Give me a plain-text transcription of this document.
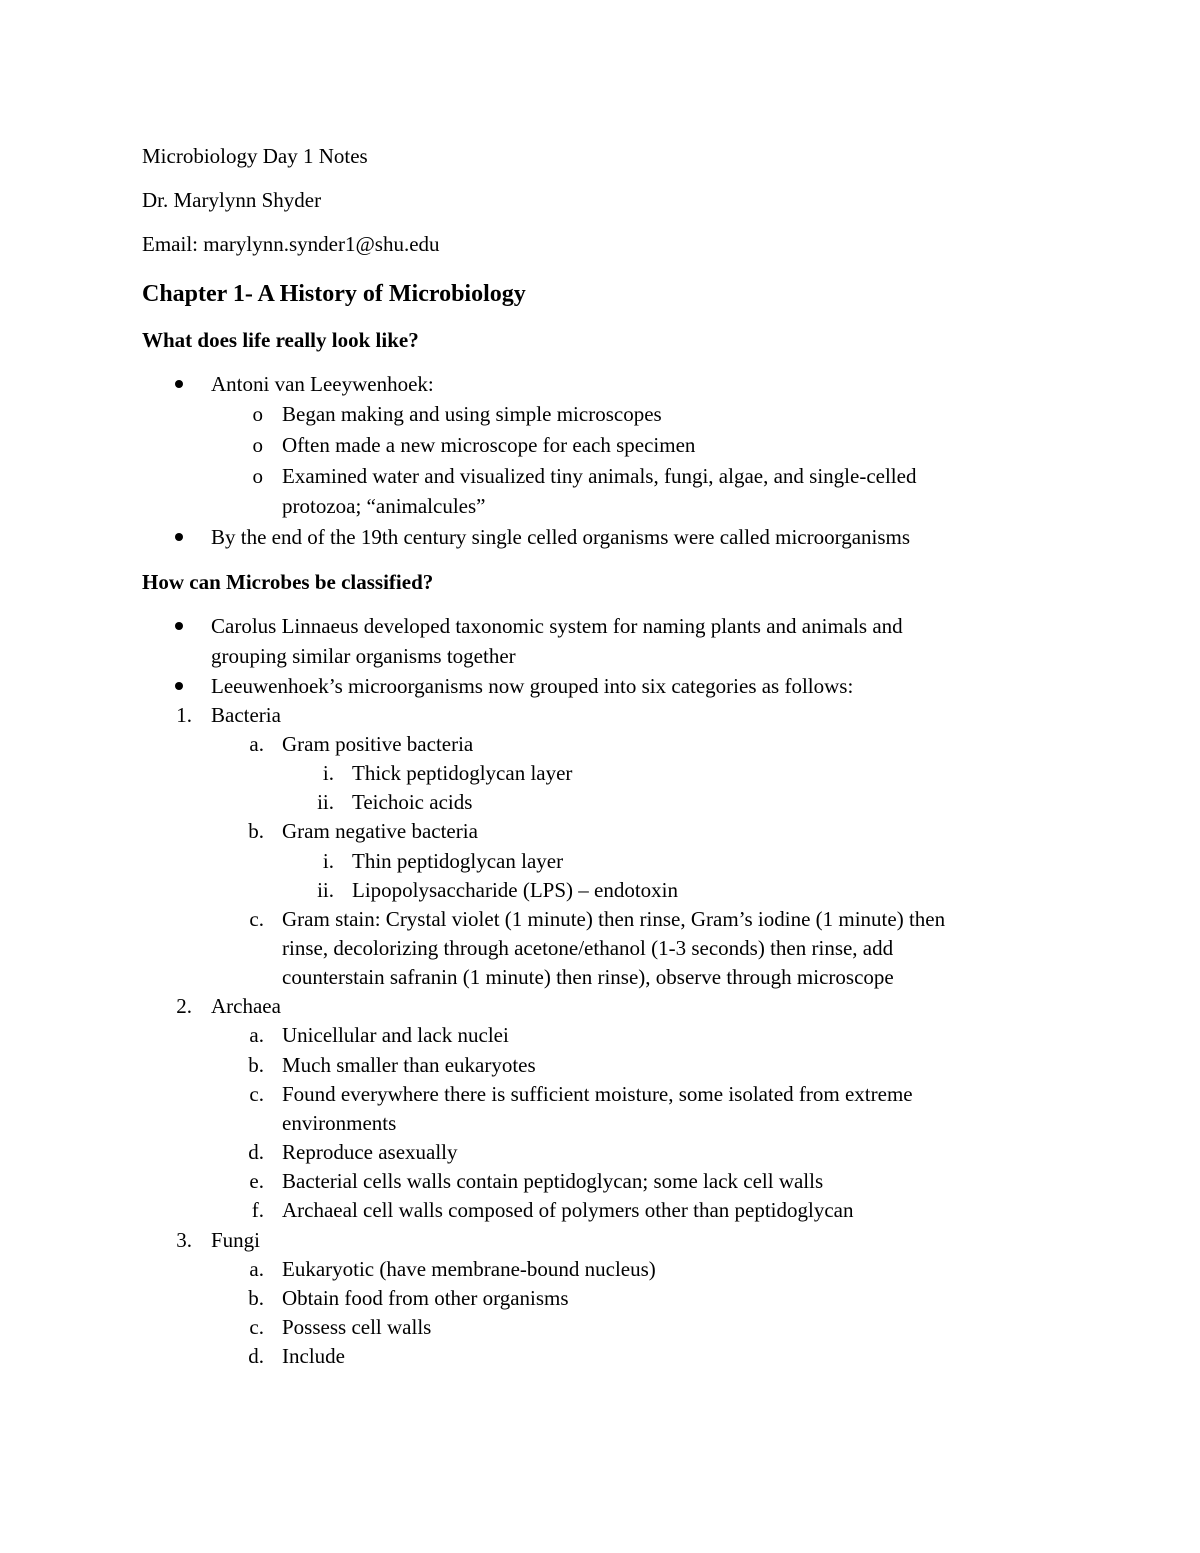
Microbiology Day 1 Notes
Dr. Marylynn Shyder
Email: marylynn.synder1@shu.edu
Chapter 1- A History of Microbiology
What does life really look like?
Antoni van Leeywenhoek:
o Began making and using simple microscopes
o Often made a new microscope for each specimen
o Examined water and visualized tiny animals, fungi, algae, and single-celled
protozoa; “animalcules”
By the end of the 19th century single celled organisms were called microorganisms
How can Microbes be classified?
Carolus Linnaeus developed taxonomic system for naming plants and animals and
grouping similar organisms together
Leeuwenhoek’s microorganisms now grouped into six categories as follows:
1. Bacteria
a. Gram positive bacteria
i. Thick peptidoglycan layer
ii. Teichoic acids
b. Gram negative bacteria
i. Thin peptidoglycan layer
ii. Lipopolysaccharide (LPS) – endotoxin
c. Gram stain: Crystal violet (1 minute) then rinse, Gram’s iodine (1 minute) then
rinse, decolorizing through acetone/ethanol (1-3 seconds) then rinse, add
counterstain safranin (1 minute) then rinse), observe through microscope
2. Archaea
a. Unicellular and lack nuclei
b. Much smaller than eukaryotes
c. Found everywhere there is sufficient moisture, some isolated from extreme
environments
d. Reproduce asexually
e. Bacterial cells walls contain peptidoglycan; some lack cell walls
f. Archaeal cell walls composed of polymers other than peptidoglycan
3. Fungi
a. Eukaryotic (have membrane-bound nucleus)
b. Obtain food from other organisms
c. Possess cell walls
d. Include
